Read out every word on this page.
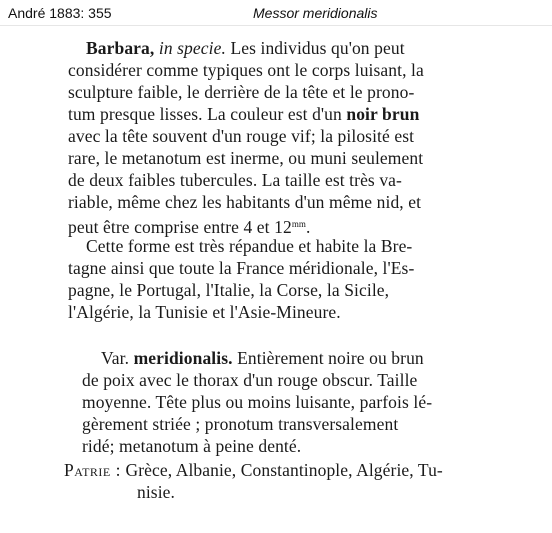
André 1883: 355	Messor meridionalis
Barbara, in specie. Les individus qu'on peut
considérer comme typiques ont le corps luisant, la
sculpture faible, le derrière de la tête et le prono-
tum presque lisses. La couleur est d'un noir brun
avec la tête souvent d'un rouge vif; la pilosité est
rare, le metanotum est inerme, ou muni seulement
de deux faibles tubercules. La taille est très va-
riable, même chez les habitants d'un même nid, et
peut être comprise entre 4 et $12^{mm}$.
Cette forme est très répandue et habite la Bre-
tagne ainsi que toute la France méridionale, l'Es-
pagne, le Portugal, l'Italie, la Corse, la Sicile,
l'Algérie, la Tunisie et l'Asie-Mineure.
Var. meridionalis. Entièrement noire ou brun
de poix avec le thorax d'un rouge obscur. Taille
moyenne. Tête plus ou moins luisante, parfois lé-
gèrement striée ; pronotum transversalement
ridé; metanotum à peine denté.
Patrie : Grèce, Albanie, Constantinople, Algérie, Tu-
nisie.
